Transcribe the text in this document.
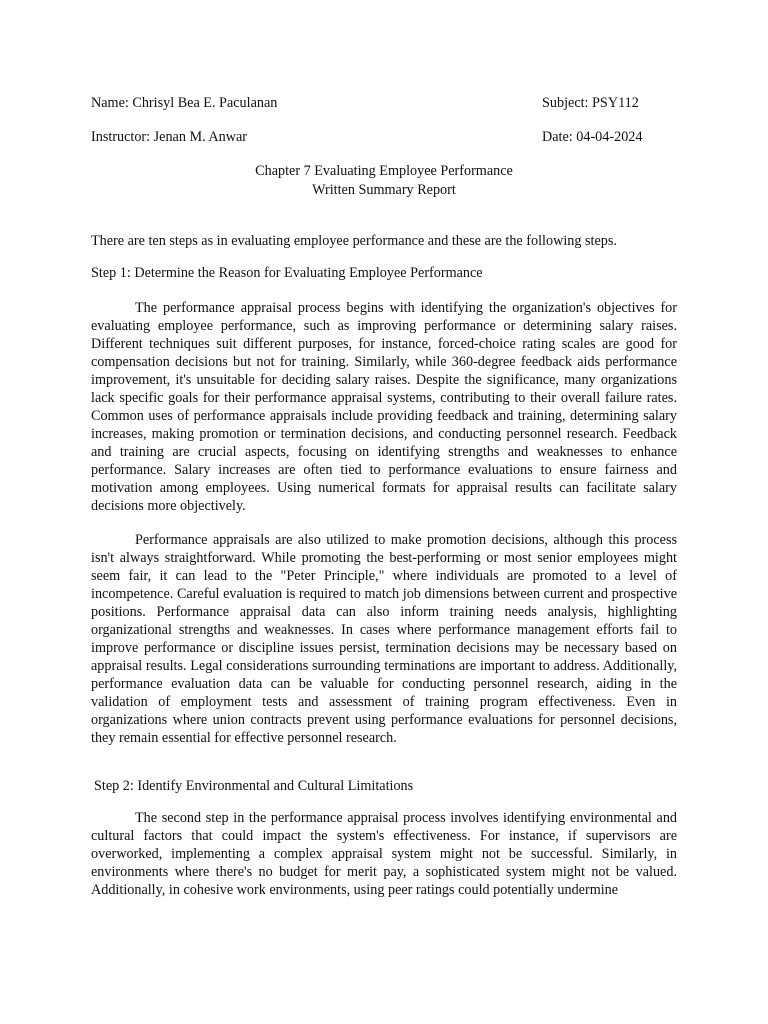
Name: Chrisyl Bea E. Paculanan	Subject: PSY112
Instructor: Jenan M. Anwar	Date: 04-04-2024
Chapter 7 Evaluating Employee Performance
Written Summary Report
There are ten steps as in evaluating employee performance and these are the following steps.
Step 1: Determine the Reason for Evaluating Employee Performance

The performance appraisal process begins with identifying the organization's objectives for evaluating employee performance, such as improving performance or determining salary raises. Different techniques suit different purposes, for instance, forced-choice rating scales are good for compensation decisions but not for training. Similarly, while 360-degree feedback aids performance improvement, it's unsuitable for deciding salary raises. Despite the significance, many organizations lack specific goals for their performance appraisal systems, contributing to their overall failure rates. Common uses of performance appraisals include providing feedback and training, determining salary increases, making promotion or termination decisions, and conducting personnel research. Feedback and training are crucial aspects, focusing on identifying strengths and weaknesses to enhance performance. Salary increases are often tied to performance evaluations to ensure fairness and motivation among employees. Using numerical formats for appraisal results can facilitate salary decisions more objectively.

Performance appraisals are also utilized to make promotion decisions, although this process isn't always straightforward. While promoting the best-performing or most senior employees might seem fair, it can lead to the "Peter Principle," where individuals are promoted to a level of incompetence. Careful evaluation is required to match job dimensions between current and prospective positions. Performance appraisal data can also inform training needs analysis, highlighting organizational strengths and weaknesses. In cases where performance management efforts fail to improve performance or discipline issues persist, termination decisions may be necessary based on appraisal results. Legal considerations surrounding terminations are important to address. Additionally, performance evaluation data can be valuable for conducting personnel research, aiding in the validation of employment tests and assessment of training program effectiveness. Even in organizations where union contracts prevent using performance evaluations for personnel decisions, they remain essential for effective personnel research.

Step 2: Identify Environmental and Cultural Limitations

The second step in the performance appraisal process involves identifying environmental and cultural factors that could impact the system's effectiveness. For instance, if supervisors are overworked, implementing a complex appraisal system might not be successful. Similarly, in environments where there's no budget for merit pay, a sophisticated system might not be valued. Additionally, in cohesive work environments, using peer ratings could potentially undermine
